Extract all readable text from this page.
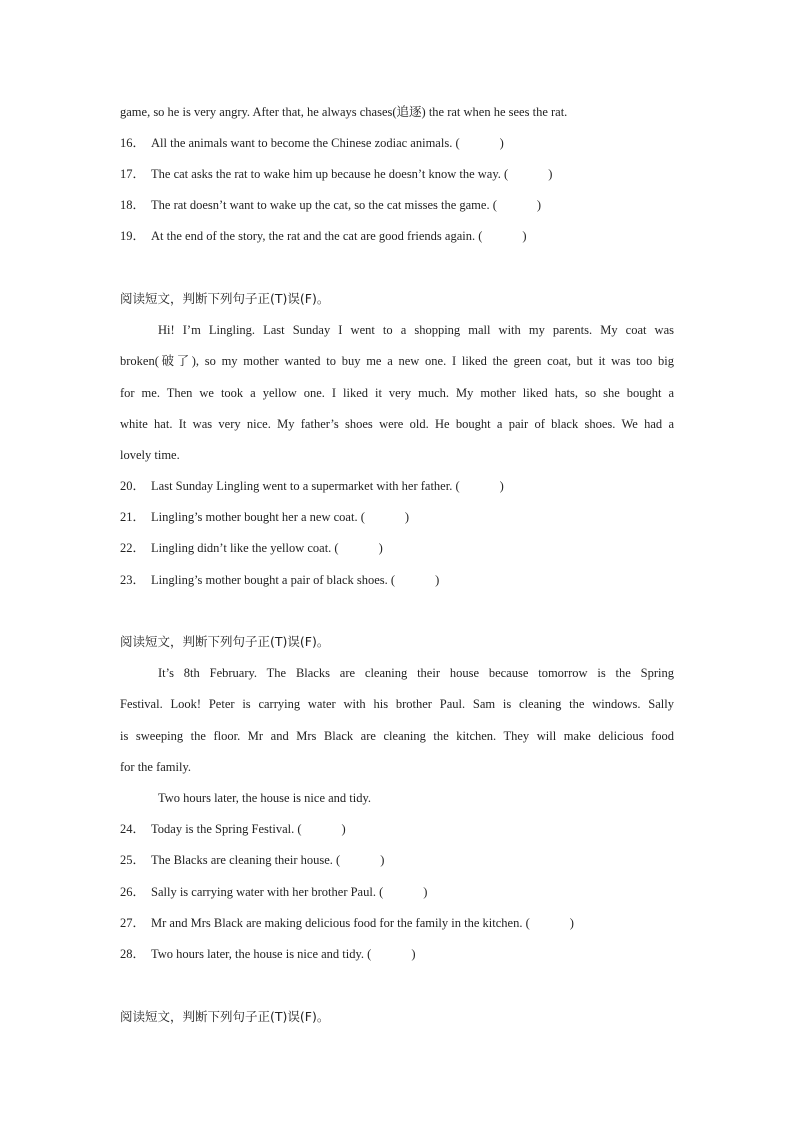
game, so he is very angry. After that, he always chases(追逐) the rat when he sees the rat.
16． All the animals want to become the Chinese zodiac animals. (	)
17． The cat asks the rat to wake him up because he doesn’t know the way. (	)
18． The rat doesn’t want to wake up the cat, so the cat misses the game. (	)
19． At the end of the story, the rat and the cat are good friends again. (	)
阅读短文，判断下列句子正(T)误(F)。
Hi! I’m Lingling. Last Sunday I went to a shopping mall with my parents. My coat was
broken(破了), so my mother wanted to buy me a new one. I liked the green coat, but it was too big
for me. Then we took a yellow one. I liked it very much. My mother liked hats, so she bought a
white hat. It was very nice. My father’s shoes were old. He bought a pair of black shoes. We had a
lovely time.
20． Last Sunday Lingling went to a supermarket with her father. (	)
21． Lingling’s mother bought her a new coat. (	)
22． Lingling didn’t like the yellow coat. (	)
23． Lingling’s mother bought a pair of black shoes. (	)
阅读短文，判断下列句子正(T)误(F)。
It’s 8th February. The Blacks are cleaning their house because tomorrow is the Spring
Festival. Look! Peter is carrying water with his brother Paul. Sam is cleaning the windows. Sally
is sweeping the floor. Mr and Mrs Black are cleaning the kitchen. They will make delicious food
for the family.
Two hours later, the house is nice and tidy.
24． Today is the Spring Festival. (	)
25． The Blacks are cleaning their house. (	)
26． Sally is carrying water with her brother Paul. (	)
27． Mr and Mrs Black are making delicious food for the family in the kitchen. (	)
28． Two hours later, the house is nice and tidy. (	)
阅读短文，判断下列句子正(T)误(F)。
